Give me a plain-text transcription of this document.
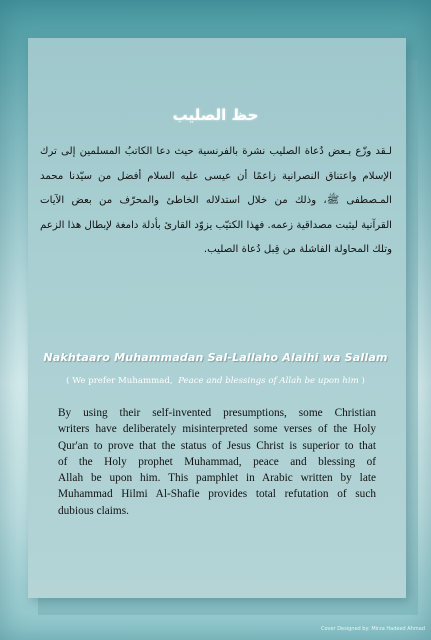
حظ الصليب
لـقد وزّع بـعض دُعاة الصليب نشرة بالفرنسية حيث دعا الكاتبُ المسلمين إلى ترك
الإسلام واعتناق النصرانية زاعمًا أن عيسى عليه السلام أفضل من سيّدنا محمد
المـصطفى ﷺ، وذلك من خلال استدلاله الخاطئ والمحرّف من بعض الآيات
القرآنية ليثبت مصداقية زعمه. فهذا الكتيّب يزوّد القارئ بأدلة دامغة لإبطال هذا الزعم
وتلك المحاولة الفاشلة من قِبل دُعاة الصليب.
Nakhtaaro Muhammadan Sal-Lallaho Alaihi wa Sallam
( We prefer Muhammad, Peace and blessings of Allah be upon him )
By using their self-invented presumptions, some Christian
writers have deliberately misinterpreted some verses of the Holy
Qur'an to prove that the status of Jesus Christ is superior to that
of the Holy prophet Muhammad, peace and blessing of
Allah be upon him. This pamphlet in Arabic written by late
Muhammad Hilmi Al-Shafie provides total refutation of such
dubious claims.
Cover Designed by: Mirza Hadeed Ahmad
